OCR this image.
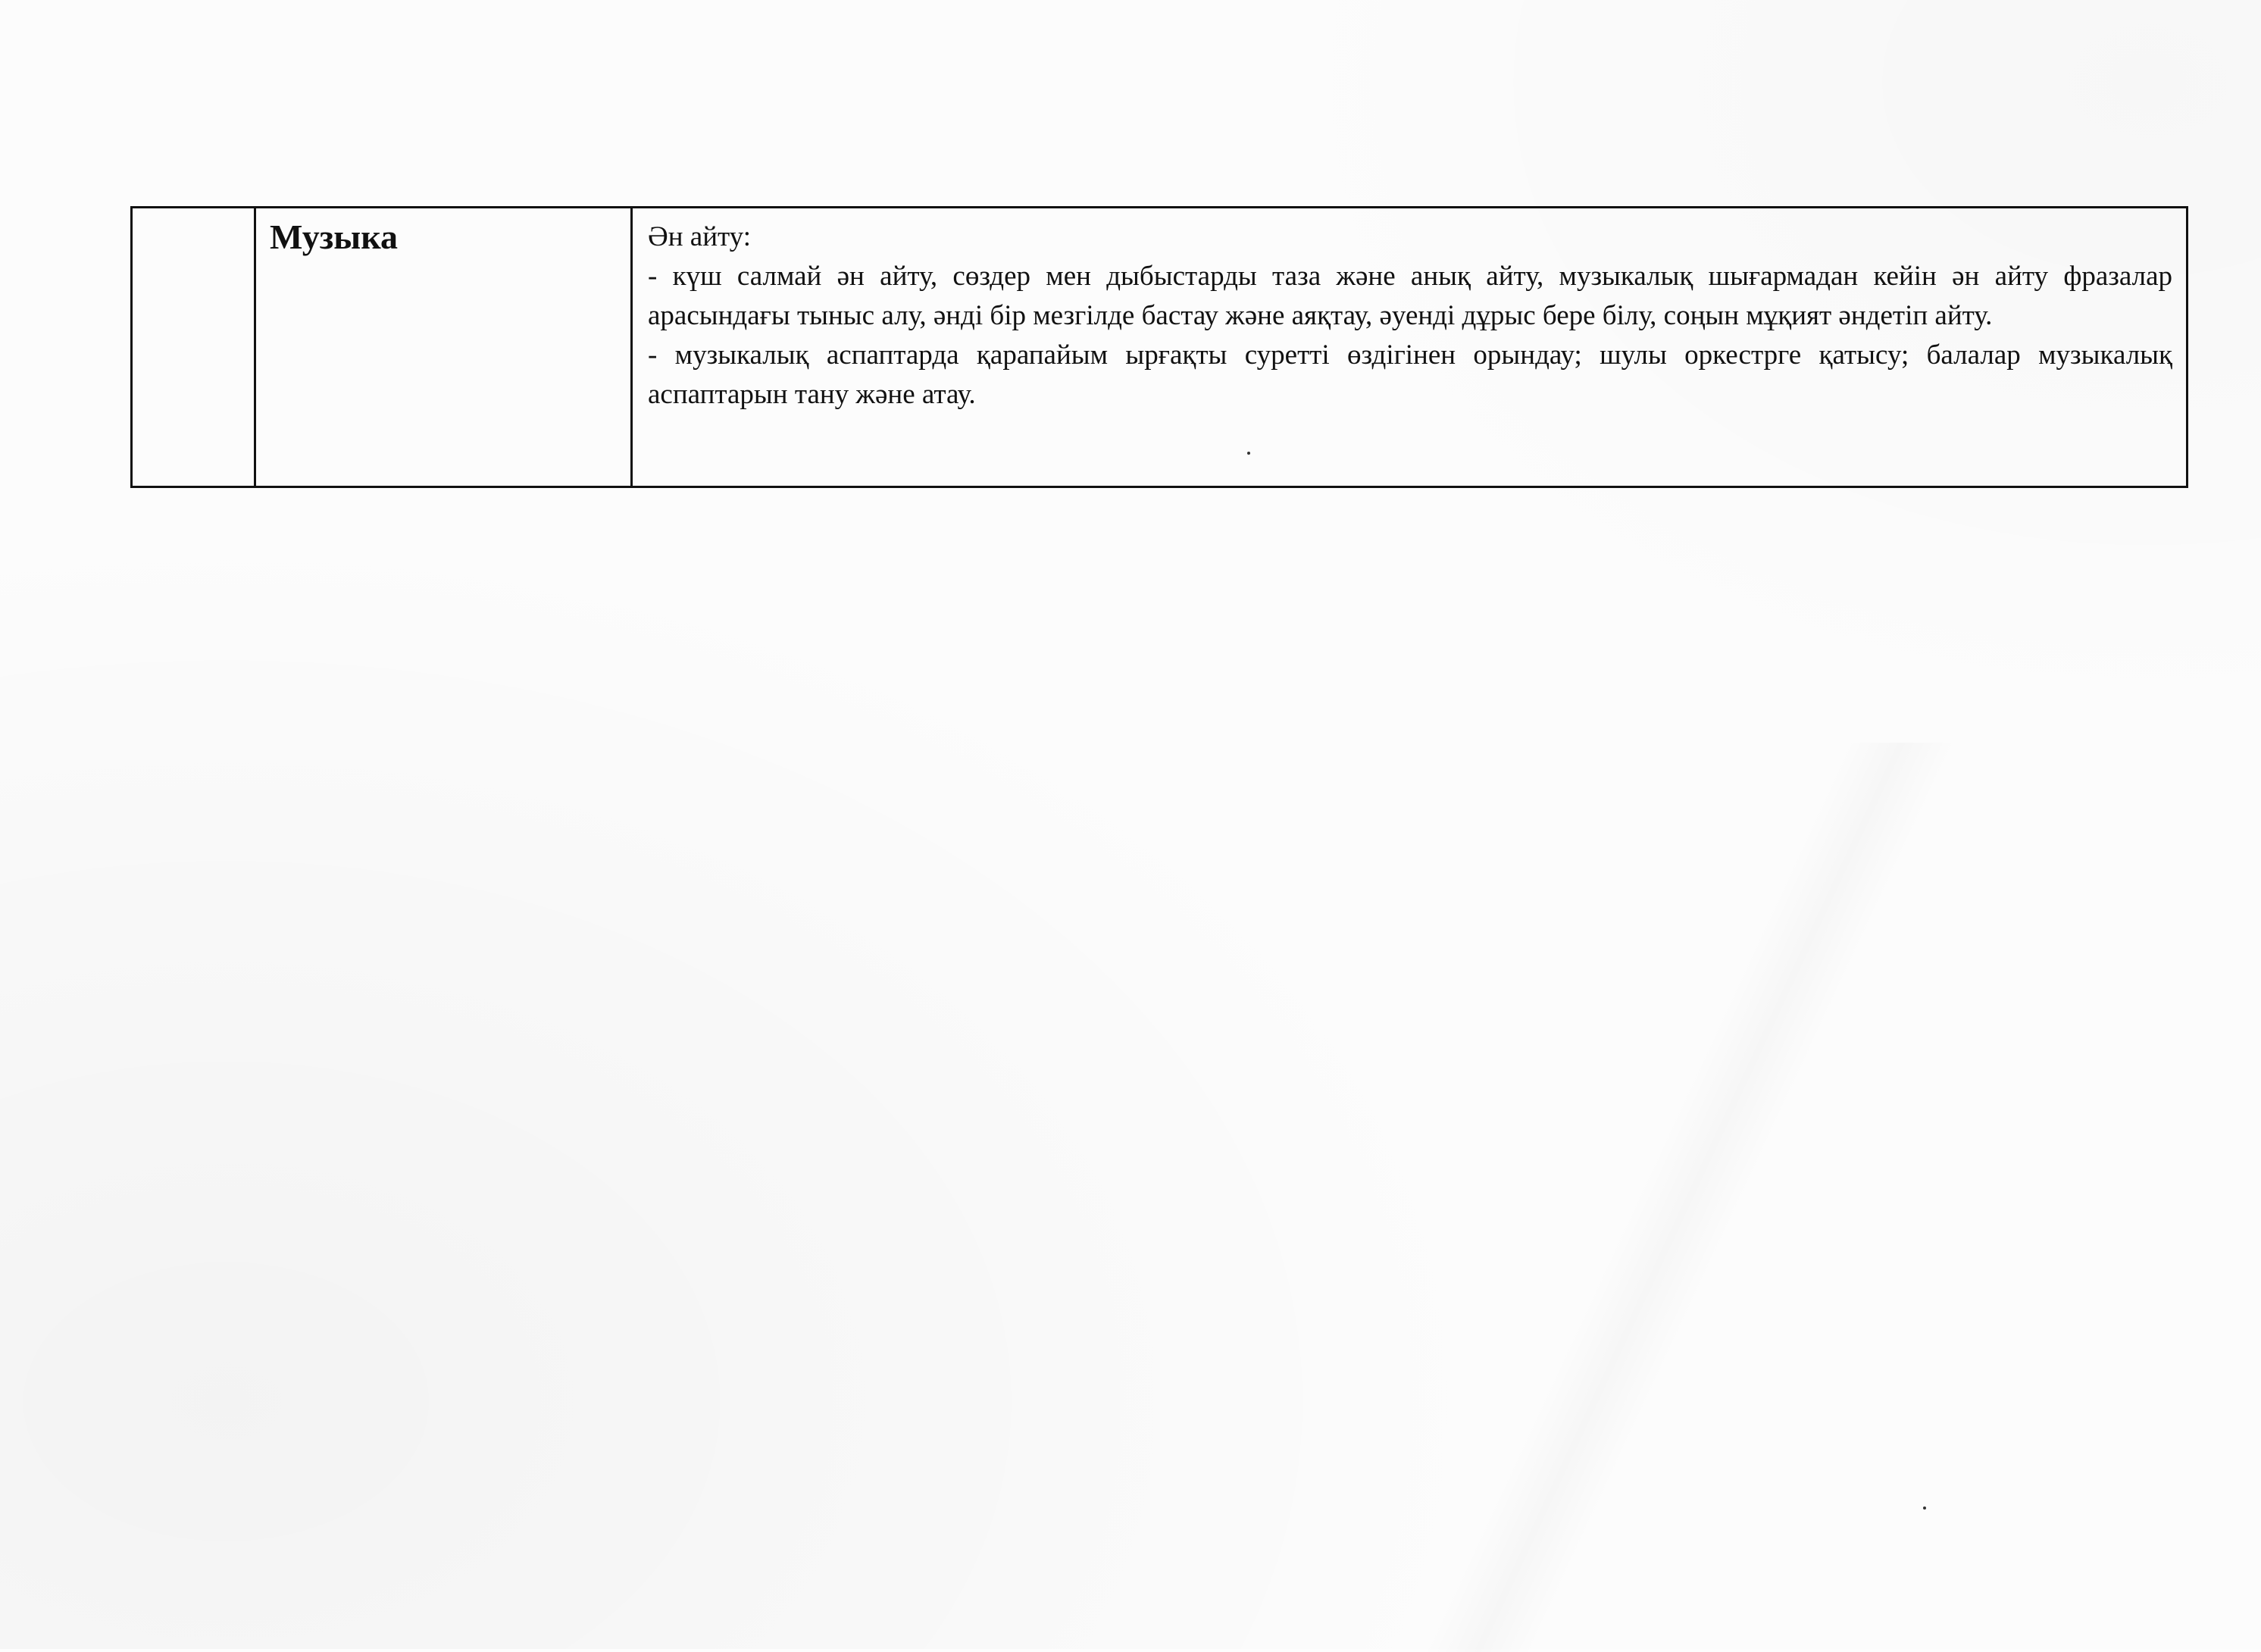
Музыка	Ән айту:

- күш салмай ән айту, сөздер мен дыбыстарды таза және анық айту, музыкалық шығармадан кейін ән айту фразалар арасындағы тыныс алу, әнді бір мезгілде бастау және аяқтау, әуенді дұрыс бере білу, соңын мұқият әндетіп айту.

- музыкалық аспаптарда қарапайым ырғақты суретті өздігінен орындау; шулы оркестрге қатысу; балалар музыкалық аспаптарын тану және атау.
